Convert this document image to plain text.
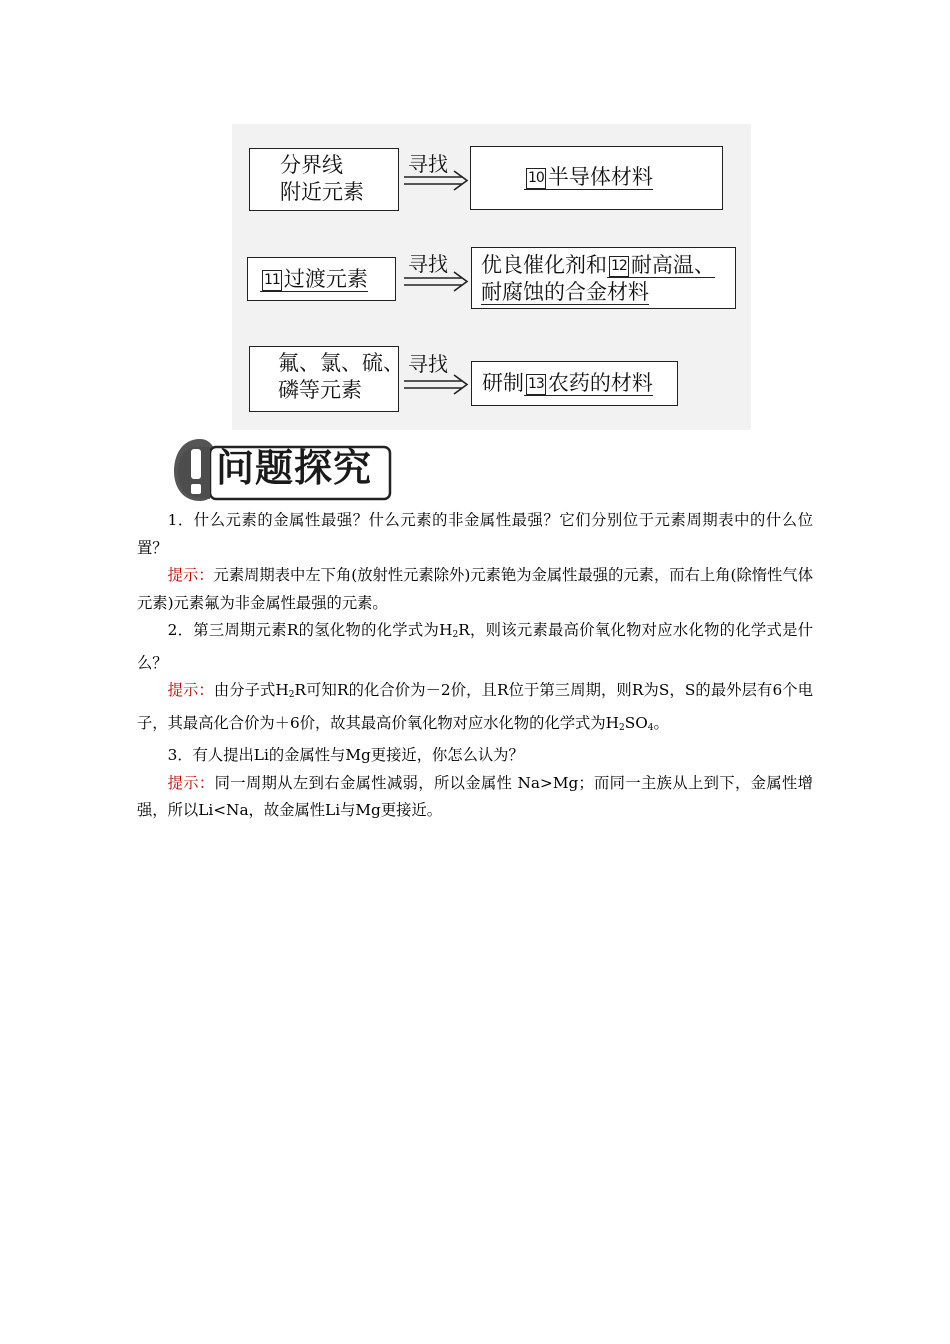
分界线
附近元素
寻找
10 半导体材料
11 过渡元素
寻找 优良催化剂和 12 耐高温、
耐腐蚀的合金材料
氟、氯、硫、
磷等元素
寻找
研制 13 农药的材料
问题探究

1．什么元素的金属性最强？什么元素的非金属性最强？它们分别位于元素周期表中的什么位置？

提示：元素周期表中左下角(放射性元素除外)元素铯为金属性最强的元素，而右上角(除惰性气体元素)元素氟为非金属性最强的元素。

2．第三周期元素R的氢化物的化学式为$H_2R$，则该元素最高价氧化物对应水化物的化学式是什么？

提示：由分子式$H_2R$可知R的化合价为－2价，且R位于第三周期，则R为S，S的最外层有6个电子，其最高化合价为＋6价，故其最高价氧化物对应水化物的化学式为$H_2SO_4$。

3．有人提出Li的金属性与Mg更接近，你怎么认为？

提示：同一周期从左到右金属性减弱，所以金属性 Na>Mg；而同一主族从上到下，金属性增强，所以Li<Na，故金属性Li与Mg更接近。
